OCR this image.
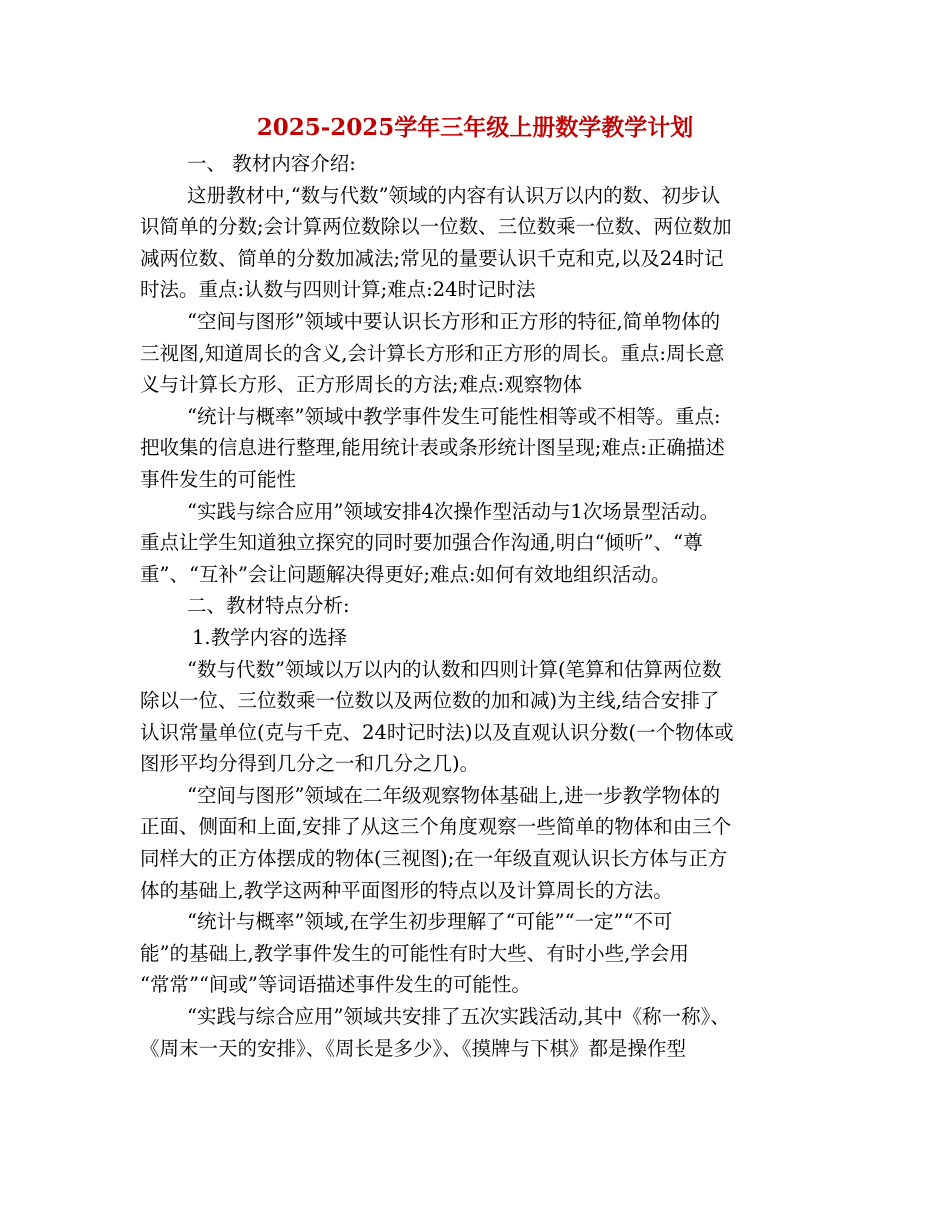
2025-2025学年三年级上册数学教学计划
一、 教材内容介绍:
这册教材中,“数与代数”领域的内容有认识万以内的数、初步认
识简单的分数;会计算两位数除以一位数、三位数乘一位数、两位数加
减两位数、简单的分数加减法;常见的量要认识千克和克,以及24时记
时法。重点:认数与四则计算;难点:24时记时法
“空间与图形”领域中要认识长方形和正方形的特征,简单物体的
三视图,知道周长的含义,会计算长方形和正方形的周长。重点:周长意
义与计算长方形、正方形周长的方法;难点:观察物体
“统计与概率”领域中教学事件发生可能性相等或不相等。重点:
把收集的信息进行整理,能用统计表或条形统计图呈现;难点:正确描述
事件发生的可能性
“实践与综合应用”领域安排4次操作型活动与1次场景型活动。
重点让学生知道独立探究的同时要加强合作沟通,明白“倾听”、“尊
重”、“互补”会让问题解决得更好;难点:如何有效地组织活动。
二、教材特点分析:
1.教学内容的选择
“数与代数”领域以万以内的认数和四则计算(笔算和估算两位数
除以一位、三位数乘一位数以及两位数的加和减)为主线,结合安排了
认识常量单位(克与千克、24时记时法)以及直观认识分数(一个物体或
图形平均分得到几分之一和几分之几)。
“空间与图形”领域在二年级观察物体基础上,进一步教学物体的
正面、侧面和上面,安排了从这三个角度观察一些简单的物体和由三个
同样大的正方体摆成的物体(三视图);在一年级直观认识长方体与正方
体的基础上,教学这两种平面图形的特点以及计算周长的方法。
“统计与概率”领域,在学生初步理解了“可能”“一定”“不可
能”的基础上,教学事件发生的可能性有时大些、有时小些,学会用
“常常”“间或”等词语描述事件发生的可能性。
“实践与综合应用”领域共安排了五次实践活动,其中《称一称》、
《周末一天的安排》、《周长是多少》、《摸牌与下棋》都是操作型
